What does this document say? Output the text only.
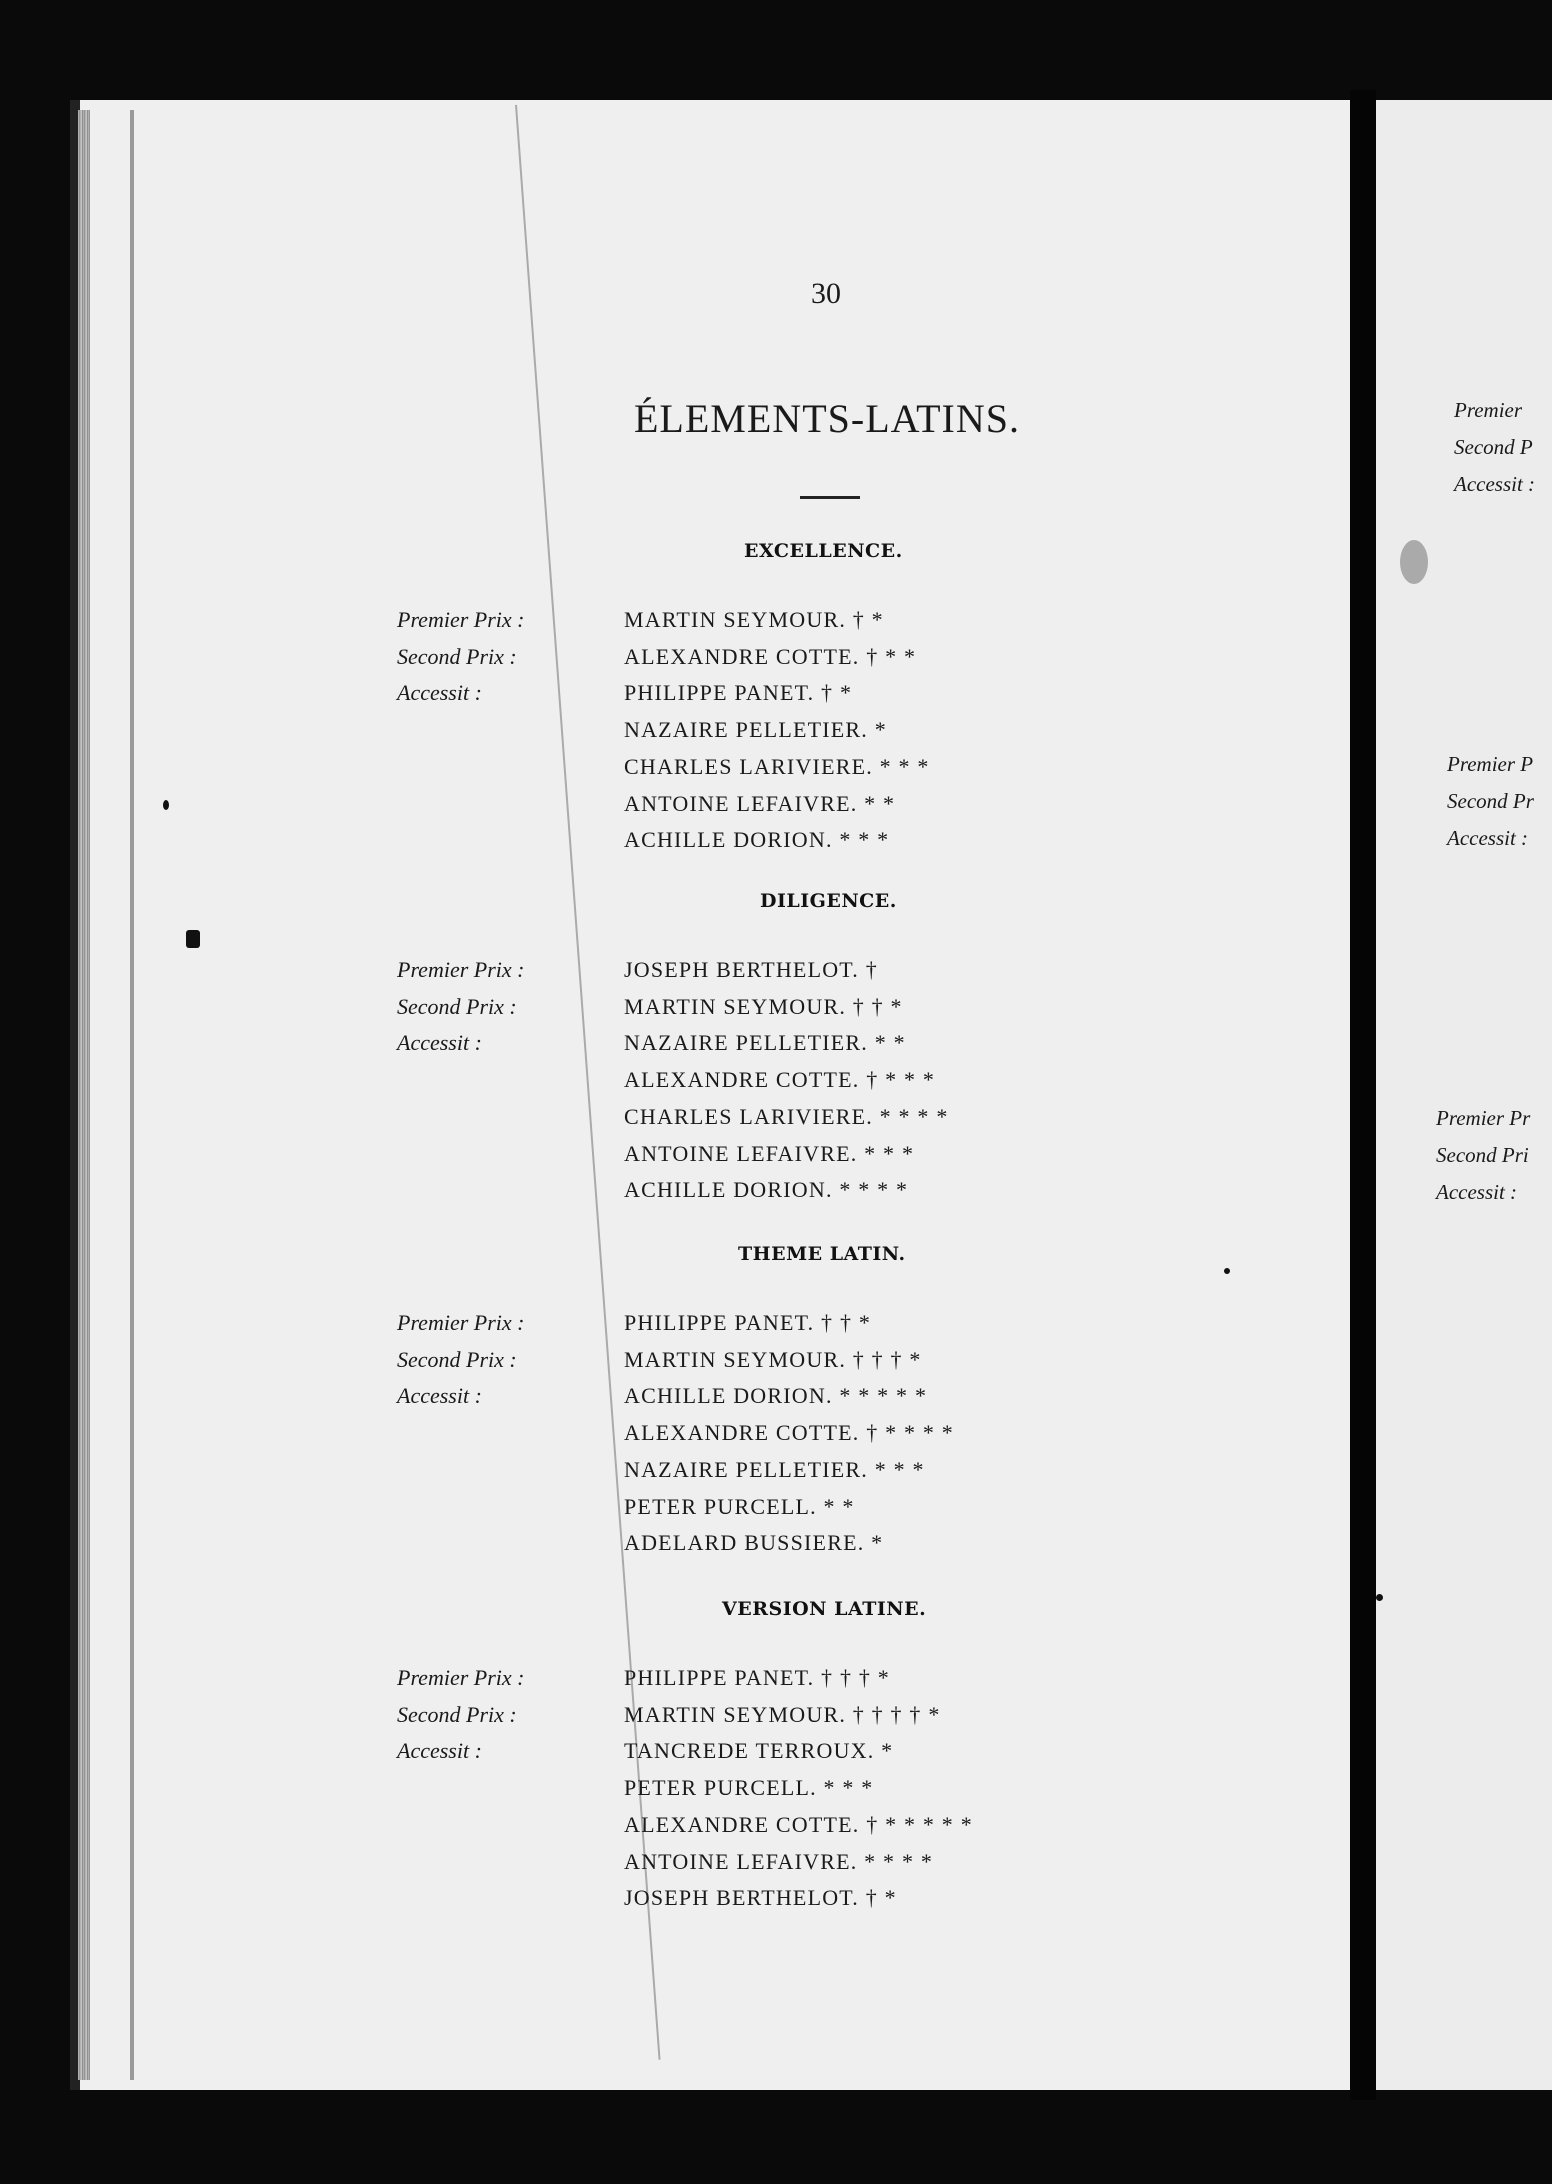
30
ÉLEMENTS-LATINS.
EXCELLENCE.
Premier Prix :
Second Prix :
Accessit :
MARTIN SEYMOUR. † *
ALEXANDRE COTTE. † * *
PHILIPPE PANET. † *
NAZAIRE PELLETIER. *
CHARLES LARIVIERE. * * *
ANTOINE LEFAIVRE. * *
ACHILLE DORION. * * *
DILIGENCE.
Premier Prix :
Second Prix :
Accessit :
JOSEPH BERTHELOT. †
MARTIN SEYMOUR. † † *
NAZAIRE PELLETIER. * *
ALEXANDRE COTTE. † * * *
CHARLES LARIVIERE. * * * *
ANTOINE LEFAIVRE. * * *
ACHILLE DORION. * * * *
THEME LATIN.
Premier Prix :
Second Prix :
Accessit :
PHILIPPE PANET. † † *
MARTIN SEYMOUR. † † † *
ACHILLE DORION. * * * * *
ALEXANDRE COTTE. † * * * *
NAZAIRE PELLETIER. * * *
PETER PURCELL. * *
ADELARD BUSSIERE. *
VERSION LATINE.
Premier Prix :
Second Prix :
Accessit :
PHILIPPE PANET. † † † *
MARTIN SEYMOUR. † † † † *
TANCREDE TERROUX. *
PETER PURCELL. * * *
ALEXANDRE COTTE. † * * * * *
ANTOINE LEFAIVRE. * * * *
JOSEPH BERTHELOT. † *
Premier
Second P
Accessit :
Premier P
Second Pr
Accessit :
Premier Pr
Second Pri
Accessit :
